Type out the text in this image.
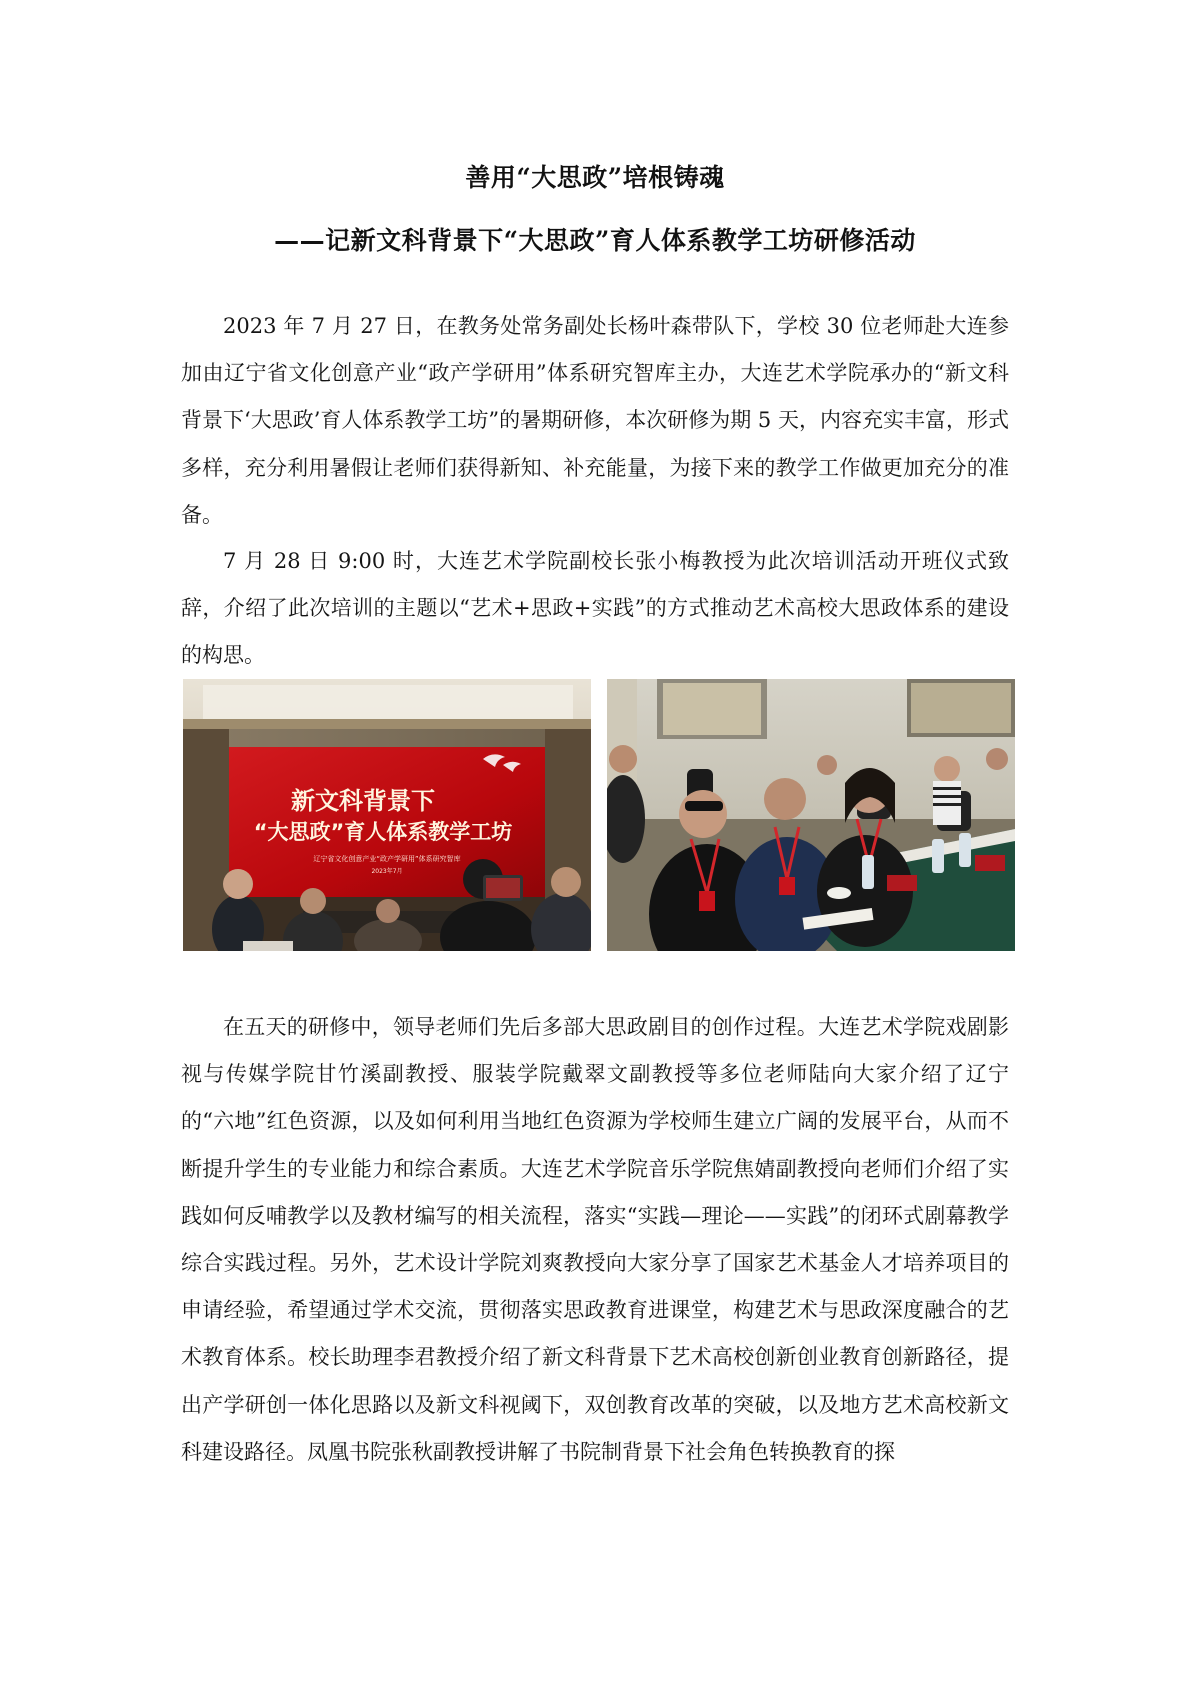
善用“大思政”培根铸魂
——记新文科背景下“大思政”育人体系教学工坊研修活动

2023 年 7 月 27 日，在教务处常务副处长杨叶森带队下，学校 30 位老师赴大连参加由辽宁省文化创意产业“政产学研用”体系研究智库主办，大连艺术学院承办的“新文科背景下‘大思政’育人体系教学工坊”的暑期研修，本次研修为期 5 天，内容充实丰富，形式多样，充分利用暑假让老师们获得新知、补充能量，为接下来的教学工作做更加充分的准备。

7 月 28 日 9:00 时，大连艺术学院副校长张小梅教授为此次培训活动开班仪式致辞，介绍了此次培训的主题以“艺术+思政+实践”的方式推动艺术高校大思政体系的建设的构思。

新文科背景下
“大思政”育人体系教学工坊
辽宁省文化创意产业“政产学研用”体系研究智库
2023年7月

在五天的研修中，领导老师们先后多部大思政剧目的创作过程。大连艺术学院戏剧影视与传媒学院甘竹溪副教授、服装学院戴翠文副教授等多位老师陆向大家介绍了辽宁的“六地”红色资源，以及如何利用当地红色资源为学校师生建立广阔的发展平台，从而不断提升学生的专业能力和综合素质。大连艺术学院音乐学院焦婧副教授向老师们介绍了实践如何反哺教学以及教材编写的相关流程，落实“实践—理论——实践”的闭环式剧幕教学综合实践过程。另外，艺术设计学院刘爽教授向大家分享了国家艺术基金人才培养项目的申请经验，希望通过学术交流，贯彻落实思政教育进课堂，构建艺术与思政深度融合的艺术教育体系。校长助理李君教授介绍了新文科背景下艺术高校创新创业教育创新路径，提出产学研创一体化思路以及新文科视阈下，双创教育改革的突破，以及地方艺术高校新文科建设路径。凤凰书院张秋副教授讲解了书院制背景下社会角色转换教育的探
